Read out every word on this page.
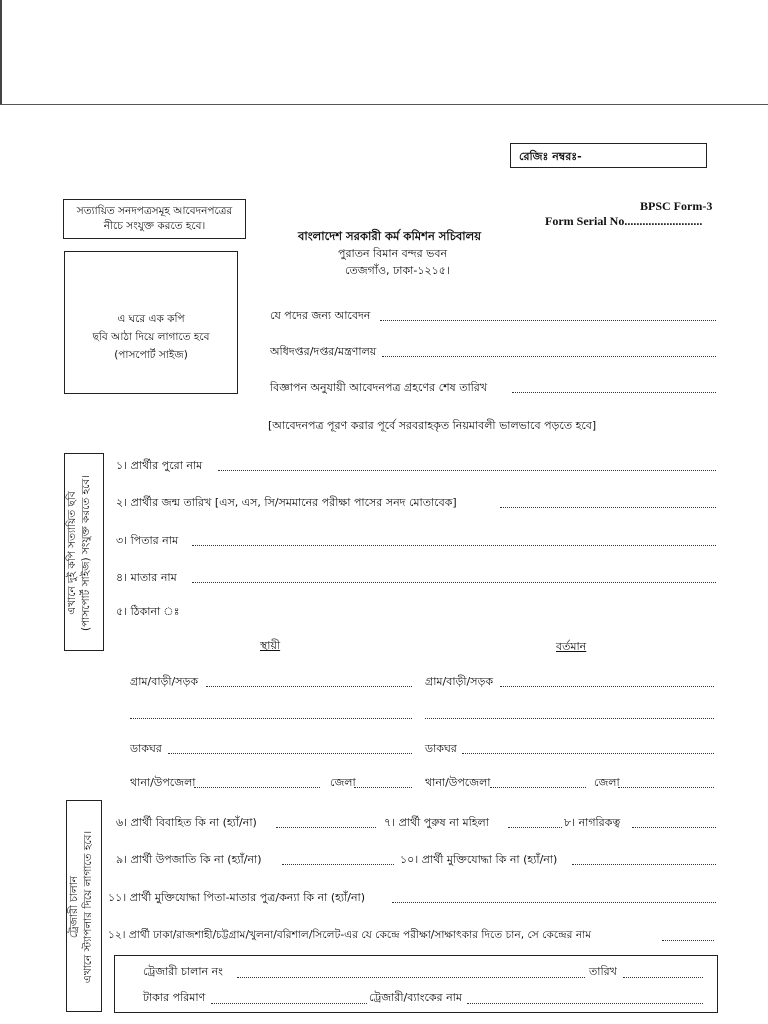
রেজিঃ নম্বরঃ-
BPSC Form-3
Form Serial No..........................
সত্যায়িত সনদপত্রসমূহ আবেদনপত্রের নীচে সংযুক্ত করতে হবে।
বাংলাদেশ সরকারী কর্ম কমিশন সচিবালয়
পুরাতন বিমান বন্দর ভবন
তেজগাঁও, ঢাকা-১২১৫।
এ ঘরে এক কপি
ছবি আঠা দিয়ে লাগাতে হবে
(পাসপোর্ট সাইজ)
যে পদের জন্য আবেদন
অধিদপ্তর/দপ্তর/মন্ত্রণালয়
বিজ্ঞাপন অনুযায়ী আবেদনপত্র গ্রহণের শেষ তারিখ
[আবেদনপত্র পূরণ করার পূর্বে সরবরাহকৃত নিয়মাবলী ভালভাবে পড়তে হবে]
এখানে দুই কপি সত্যায়িত ছবি (পাসপোর্ট সাইজ) সংযুক্ত করতে হবে।
১। প্রার্থীর পুরো নাম
২। প্রার্থীর জন্ম তারিখ [এস, এস, সি/সমমানের পরীক্ষা পাসের সনদ মোতাবেক]
৩। পিতার নাম
৪। মাতার নাম
৫। ঠিকানা ঃ
স্থায়ী	বর্তমান
গ্রাম/বাড়ী/সড়ক	গ্রাম/বাড়ী/সড়ক
ডাকঘর	ডাকঘর
থানা/উপজেলা	জেলা	থানা/উপজেলা	জেলা
ট্রেজারী চালান এখানে স্ট্যাপলার দিয়ে লাগাতে হবে।
৬। প্রার্থী বিবাহিত কি না (হ্যাঁ/না)	৭। প্রার্থী পুরুষ না মহিলা	৮। নাগরিকত্ব
৯। প্রার্থী উপজাতি কি না (হ্যাঁ/না)	১০। প্রার্থী মুক্তিযোদ্ধা কি না (হ্যাঁ/না)
১১। প্রার্থী মুক্তিযোদ্ধা পিতা-মাতার পুত্র/কন্যা কি না (হ্যাঁ/না)
১২। প্রার্থী ঢাকা/রাজশাহী/চট্টগ্রাম/খুলনা/বরিশাল/সিলেট-এর যে কেন্দ্রে পরীক্ষা/সাক্ষাৎকার দিতে চান, সে কেন্দ্রের নাম
ট্রেজারী চালান নং	তারিখ
টাকার পরিমাণ	ট্রেজারী/ব্যাংকের নাম
